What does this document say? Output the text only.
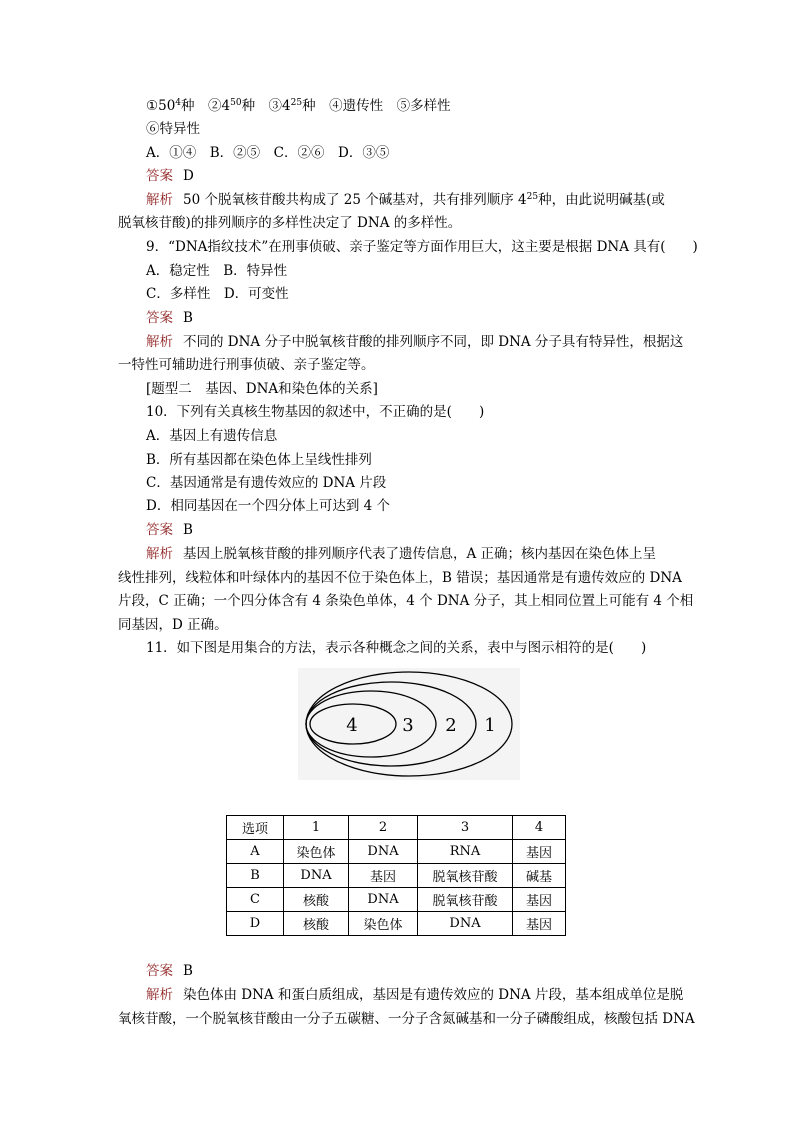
$①50^4$种　$②4^{50}$种　$③4^{25}$种　④遗传性　⑤多样性
⑥特异性
A．①④　B．②⑤　C．②⑥　D．③⑤
答案 D
解析 50 个脱氧核苷酸共构成了 25 个碱基对，共有排列顺序 $4^{25}$种，由此说明碱基(或
脱氧核苷酸)的排列顺序的多样性决定了 DNA 的多样性。
9．“DNA指纹技术”在刑事侦破、亲子鉴定等方面作用巨大，这主要是根据 DNA 具有(　　)
A．稳定性　B．特异性
C．多样性　D．可变性
答案 B
解析 不同的 DNA 分子中脱氧核苷酸的排列顺序不同，即 DNA 分子具有特异性，根据这
一特性可辅助进行刑事侦破、亲子鉴定等。
[题型二　基因、DNA和染色体的关系]
10．下列有关真核生物基因的叙述中，不正确的是(　　)
A．基因上有遗传信息
B．所有基因都在染色体上呈线性排列
C．基因通常是有遗传效应的 DNA 片段
D．相同基因在一个四分体上可达到 4 个
答案 B
解析 基因上脱氧核苷酸的排列顺序代表了遗传信息，A 正确；核内基因在染色体上呈
线性排列，线粒体和叶绿体内的基因不位于染色体上，B 错误；基因通常是有遗传效应的 DNA
片段，C 正确；一个四分体含有 4 条染色单体，4 个 DNA 分子，其上相同位置上可能有 4 个相
同基因，D 正确。
11．如下图是用集合的方法，表示各种概念之间的关系，表中与图示相符的是(　　)
4 3 2 1
选项	1	2	3	4
A	染色体	DNA	RNA	基因
B	DNA	基因	脱氧核苷酸	碱基
C	核酸	DNA	脱氧核苷酸	基因
D	核酸	染色体	DNA	基因
答案 B
解析 染色体由 DNA 和蛋白质组成，基因是有遗传效应的 DNA 片段，基本组成单位是脱
氧核苷酸，一个脱氧核苷酸由一分子五碳糖、一分子含氮碱基和一分子磷酸组成，核酸包括 DNA
